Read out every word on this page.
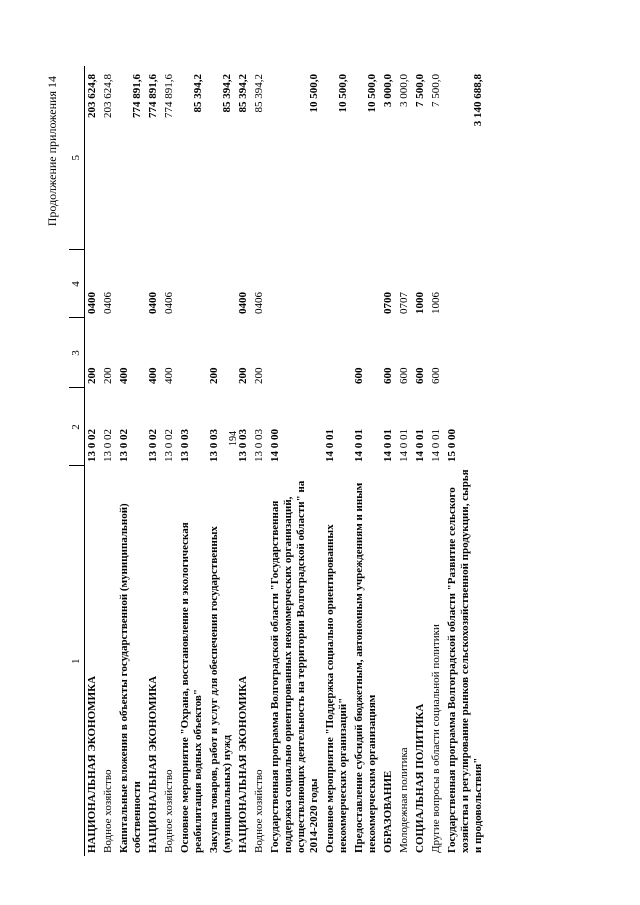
194
Продолжение приложения 14
1	2	3	4	5
НАЦИОНАЛЬНАЯ ЭКОНОМИКА	13 0 02	200	0400	203 624,8
Водное хозяйство	13 0 02	200	0406	203 624,8
Капитальные вложения в объекты государственной (муниципальной) собственности	13 0 02	400		774 891,6
НАЦИОНАЛЬНАЯ ЭКОНОМИКА	13 0 02	400	0400	774 891,6
Водное хозяйство	13 0 02	400	0406	774 891,6
Основное мероприятие "Охрана, восстановление и экологическая реабилитация водных объектов"	13 0 03			85 394,2
Закупка товаров, работ и услуг для обеспечения государственных (муниципальных) нужд	13 0 03	200		85 394,2
НАЦИОНАЛЬНАЯ ЭКОНОМИКА	13 0 03	200	0400	85 394,2
Водное хозяйство	13 0 03	200	0406	85 394,2
Государственная программа Волгоградской области "Государственная поддержка социально ориентированных некоммерческих организаций, осуществляющих деятельность на территории Волгоградской области" на 2014-2020 годы	14 0 00			10 500,0
Основное мероприятие "Поддержка социально ориентированных некоммерческих организаций"	14 0 01			10 500,0
Предоставление субсидий бюджетным, автономным учреждениям и иным некоммерческим организациям	14 0 01	600		10 500,0
ОБРАЗОВАНИЕ	14 0 01	600	0700	3 000,0
Молодежная политика	14 0 01	600	0707	3 000,0
СОЦИАЛЬНАЯ ПОЛИТИКА	14 0 01	600	1000	7 500,0
Другие вопросы в области социальной политики	14 0 01	600	1006	7 500,0
Государственная программа Волгоградской области "Развитие сельского хозяйства и регулирование рынков сельскохозяйственной продукции, сырья и продовольствия"	15 0 00			3 140 688,8
